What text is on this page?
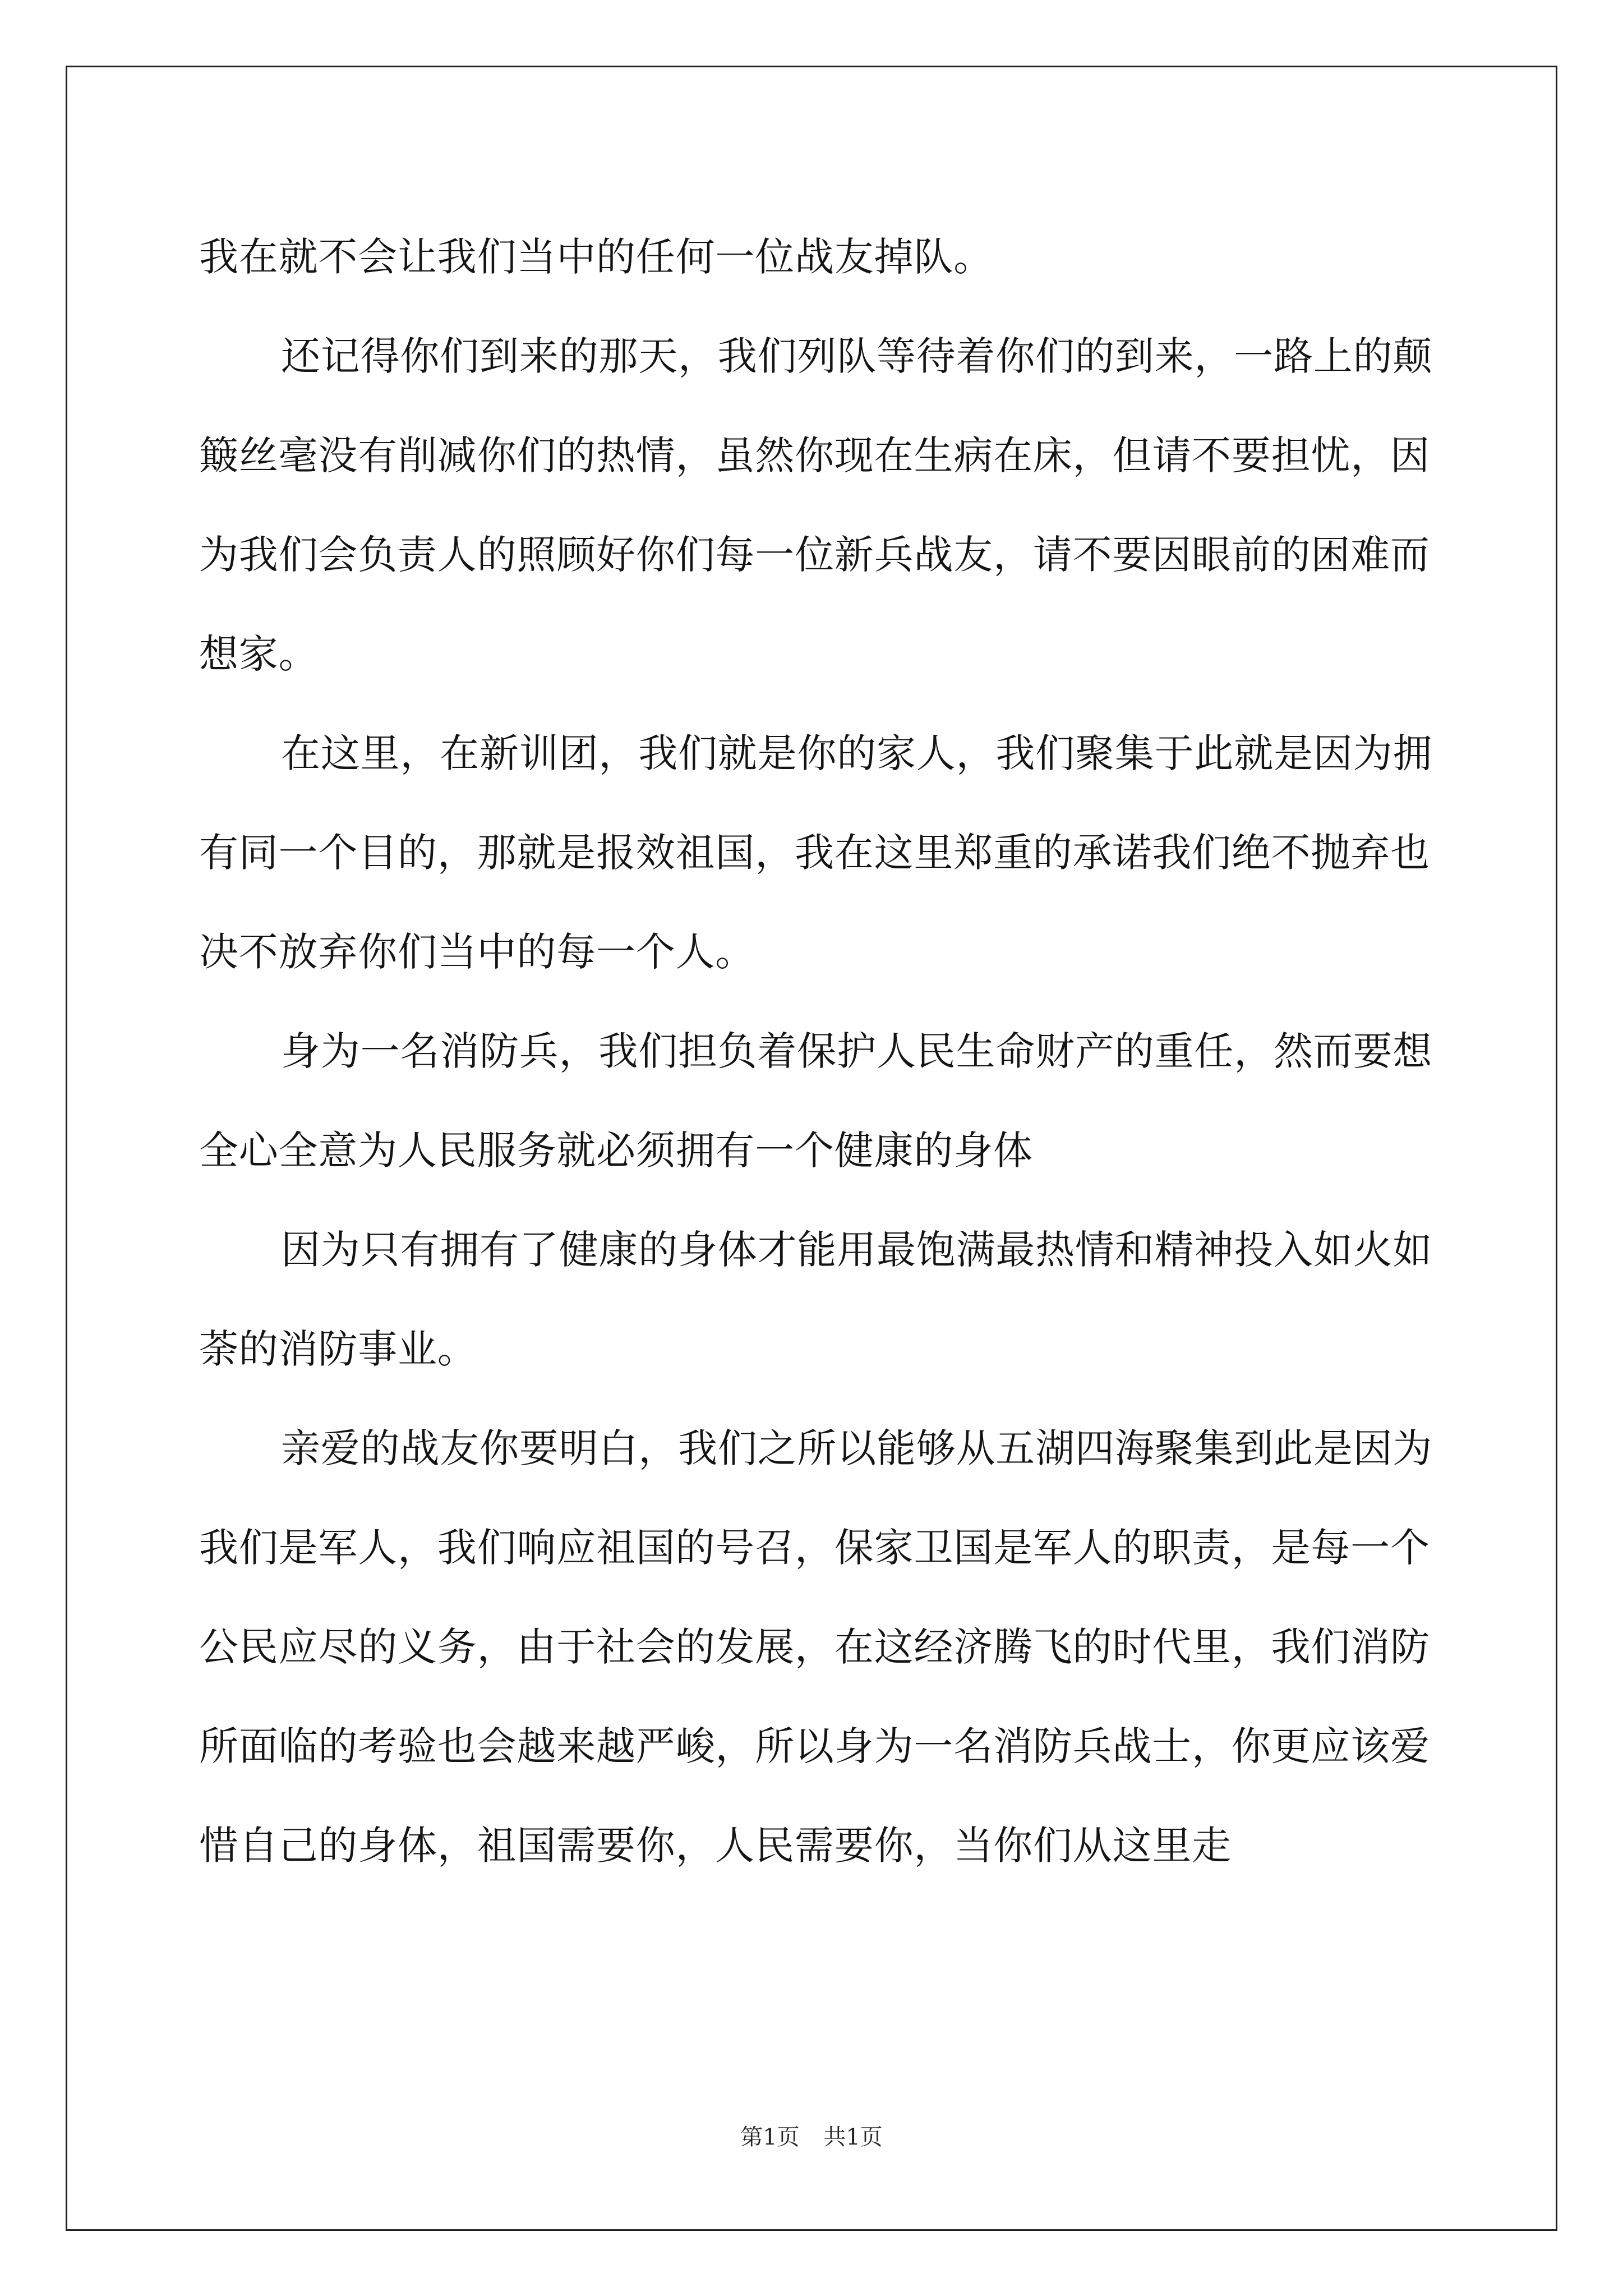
我在就不会让我们当中的任何一位战友掉队。

还记得你们到来的那天，我们列队等待着你们的到来，一路上的颠簸丝毫没有削减你们的热情，虽然你现在生病在床，但请不要担忧，因为我们会负责人的照顾好你们每一位新兵战友，请不要因眼前的困难而想家。

在这里，在新训团，我们就是你的家人，我们聚集于此就是因为拥有同一个目的，那就是报效祖国，我在这里郑重的承诺我们绝不抛弃也决不放弃你们当中的每一个人。

身为一名消防兵，我们担负着保护人民生命财产的重任，然而要想全心全意为人民服务就必须拥有一个健康的身体

因为只有拥有了健康的身体才能用最饱满最热情和精神投入如火如荼的消防事业。

亲爱的战友你要明白，我们之所以能够从五湖四海聚集到此是因为我们是军人，我们响应祖国的号召，保家卫国是军人的职责，是每一个公民应尽的义务，由于社会的发展，在这经济腾飞的时代里，我们消防所面临的考验也会越来越严峻，所以身为一名消防兵战士，你更应该爱惜自己的身体，祖国需要你，人民需要你，当你们从这里走

第1页 共1页
